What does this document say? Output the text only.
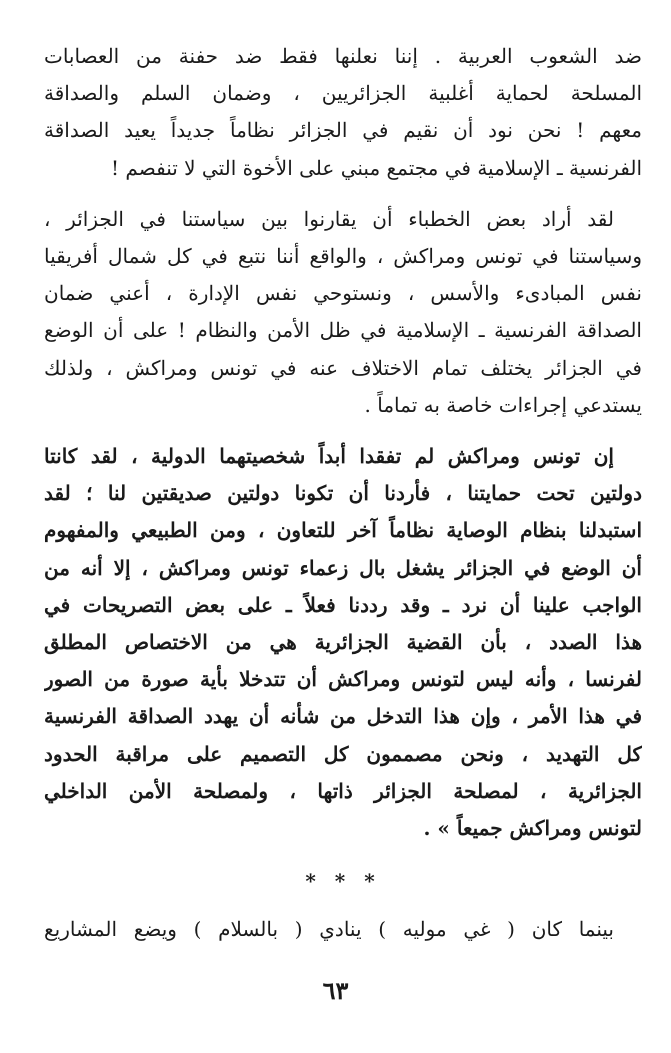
ضد الشعوب العربية . إننا نعلنها فقط ضد حفنة من العصابات
المسلحة لحماية أغلبية الجزائريين ، وضمان السلم والصداقة
معهم ! نحن نود أن نقيم في الجزائر نظاماً جديداً يعيد الصداقة
الفرنسية ـ الإسلامية في مجتمع مبني على الأخوة التي لا تنفصم !

لقد أراد بعض الخطباء أن يقارنوا بين سياستنا في الجزائر ،
وسياستنا في تونس ومراكش ، والواقع أننا نتبع في كل شمال أفريقيا
نفس المبادىء والأسس ، ونستوحي نفس الإدارة ، أعني ضمان
الصداقة الفرنسية ـ الإسلامية في ظل الأمن والنظام ! على أن الوضع
في الجزائر يختلف تمام الاختلاف عنه في تونس ومراكش ، ولذلك
يستدعي إجراءات خاصة به تماماً .

إن تونس ومراكش لم تفقدا أبداً شخصيتهما الدولية ، لقد كانتا
دولتين تحت حمايتنا ، فأردنا أن تكونا دولتين صديقتين لنا ؛ لقد
استبدلنا بنظام الوصاية نظاماً آخر للتعاون ، ومن الطبيعي والمفهوم
أن الوضع في الجزائر يشغل بال زعماء تونس ومراكش ، إلا أنه من
الواجب علينا أن نرد ـ وقد رددنا فعلاً ـ على بعض التصريحات في
هذا الصدد ، بأن القضية الجزائرية هي من الاختصاص المطلق
لفرنسا ، وأنه ليس لتونس ومراكش أن تتدخلا بأية صورة من الصور
في هذا الأمر ، وإن هذا التدخل من شأنه أن يهدد الصداقة الفرنسية
كل التهديد ، ونحن مصممون كل التصميم على مراقبة الحدود
الجزائرية ، لمصلحة الجزائر ذاتها ، ولمصلحة الأمن الداخلي
لتونس ومراكش جميعاً » .

* * *

بينما كان ( غي موليه ) ينادي ( بالسلام ) ويضع المشاريع

٦٣
